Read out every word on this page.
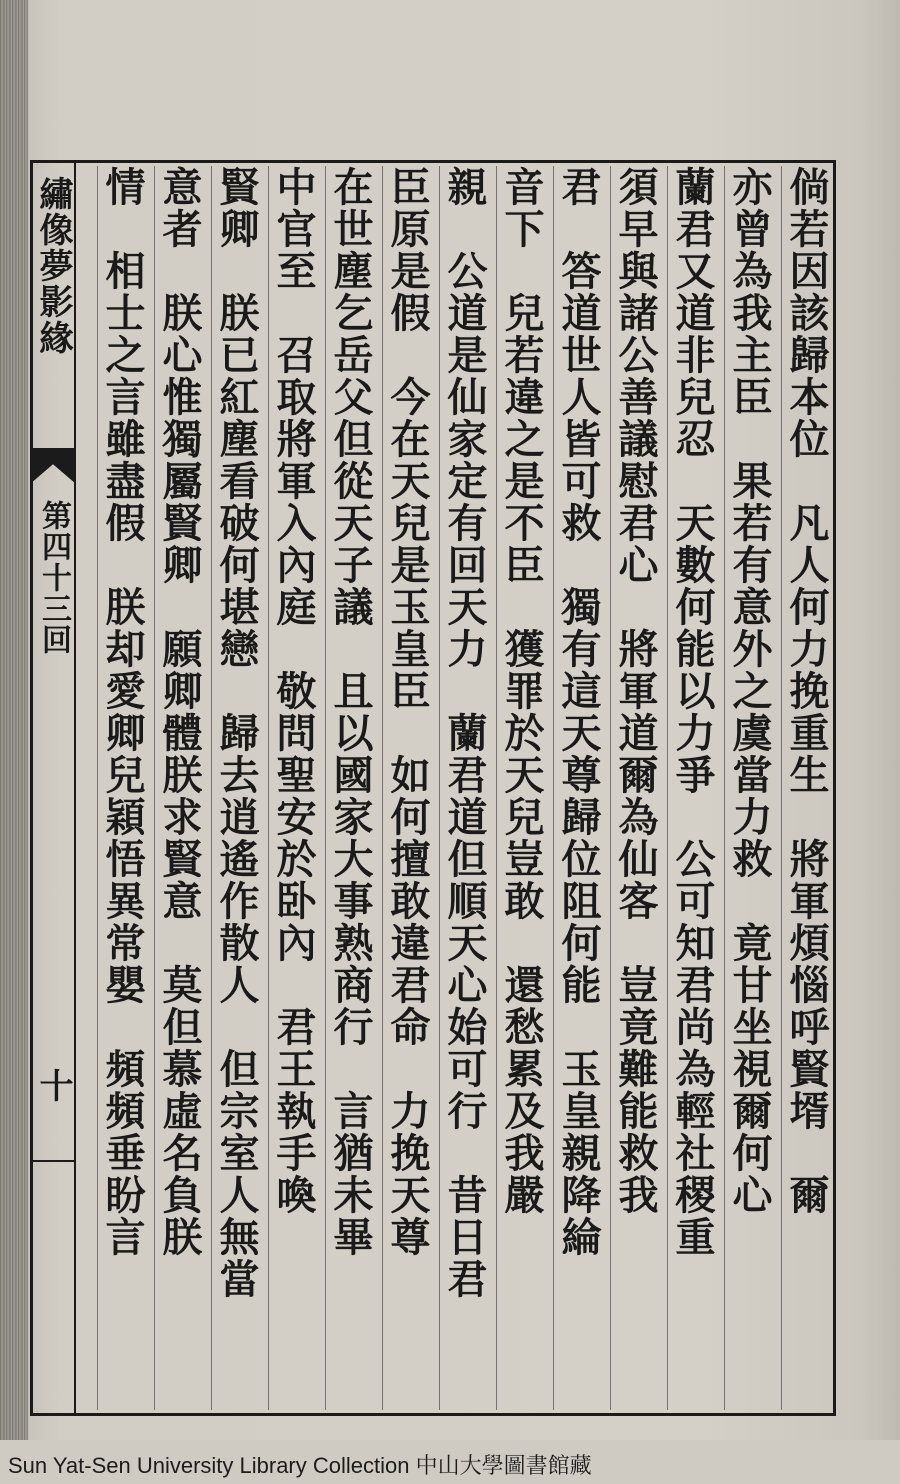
繡像夢影緣
第四十三回
十	倘若因該歸本位　凡人何力挽重生　將軍煩惱呼賢壻　爾
亦曾為我主臣　果若有意外之虞當力救　竟甘坐視爾何心
蘭君又道非兒忍　天數何能以力爭　公可知君尚為輕社稷重
須早與諸公善議慰君心　將軍道爾為仙客　豈竟難能救我
君　答道世人皆可救　獨有這天尊歸位阻何能　玉皇親降綸
音下　兒若違之是不臣　獲罪於天兒豈敢　還愁累及我嚴
親　公道是仙家定有回天力　蘭君道但順天心始可行　昔日君
臣原是假　今在天兒是玉皇臣　如何擅敢違君命　力挽天尊
在世塵乞岳父但從天子議　且以國家大事熟商行　言猶未畢
中官至　召取將軍入內庭　敬問聖安於卧內　君王執手喚
賢卿　朕已紅塵看破何堪戀　歸去逍遙作散人　但宗室人無當
意者　朕心惟獨屬賢卿　願卿體朕求賢意　莫但慕虛名負朕
情　相士之言雖盡假　朕却愛卿兒穎悟異常嬰　頻頻垂盼言
Sun Yat-Sen University Library Collection 中山大學圖書館藏
